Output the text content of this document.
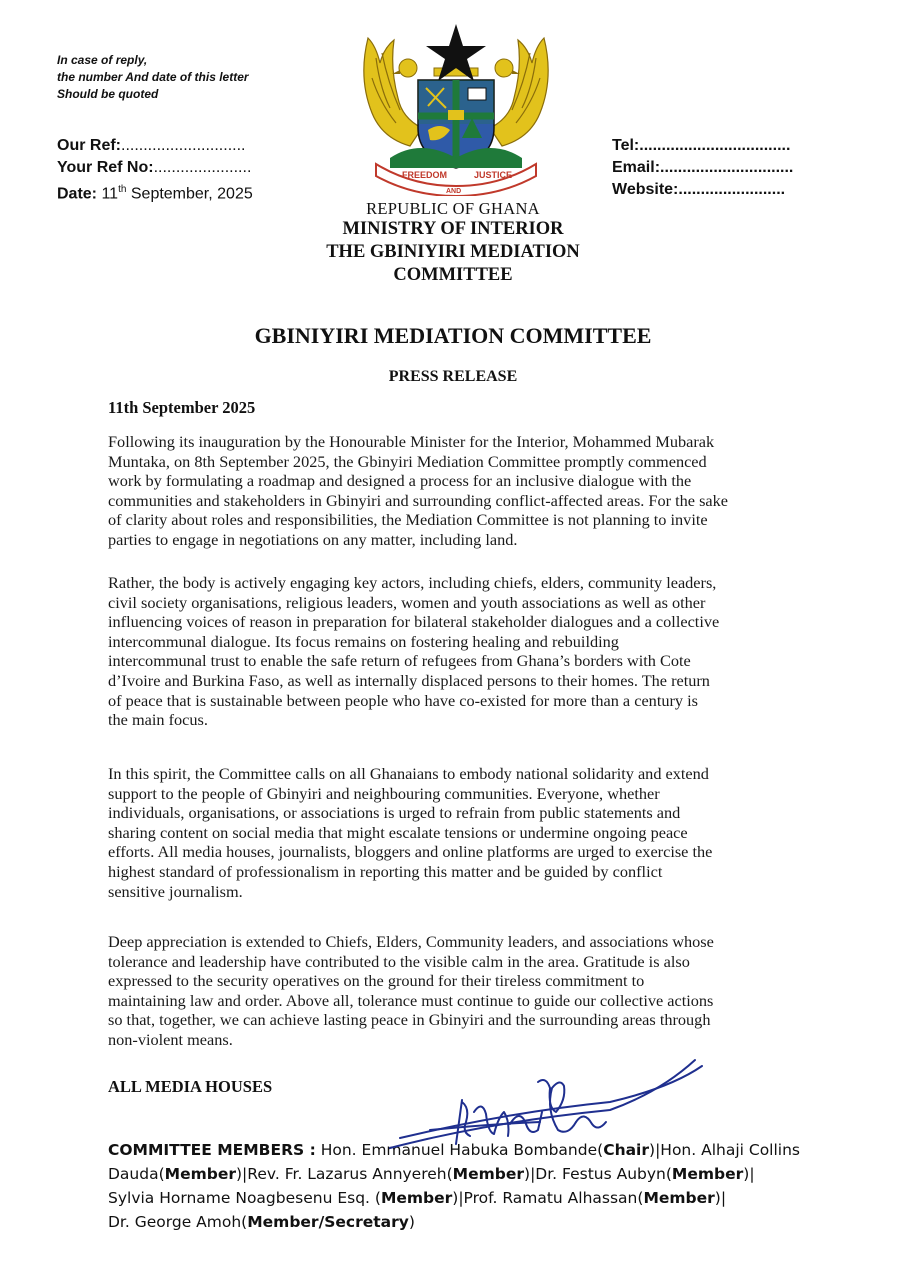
In case of reply,
the number And date of this letter
Should be quoted
Our Ref:............................
Your Ref No:......................
Date: 11th September, 2025
Tel:..................................
Email:..............................
Website:........................
FREEDOM	JUSTICE
AND
REPUBLIC OF GHANA
MINISTRY OF INTERIOR
THE GBINIYIRI MEDIATION
COMMITTEE
GBINIYIRI MEDIATION COMMITTEE
PRESS RELEASE
11th September 2025
Following its inauguration by the Honourable Minister for the Interior, Mohammed Mubarak
Muntaka, on 8th September 2025, the Gbinyiri Mediation Committee promptly commenced
work by formulating a roadmap and designed a process for an inclusive dialogue with the
communities and stakeholders in Gbinyiri and surrounding conflict-affected areas. For the sake
of clarity about roles and responsibilities, the Mediation Committee is not planning to invite
parties to engage in negotiations on any matter, including land.
Rather, the body is actively engaging key actors, including chiefs, elders, community leaders,
civil society organisations, religious leaders, women and youth associations as well as other
influencing voices of reason in preparation for bilateral stakeholder dialogues and a collective
intercommunal dialogue. Its focus remains on fostering healing and rebuilding
intercommunal trust to enable the safe return of refugees from Ghana’s borders with Cote
d’Ivoire and Burkina Faso, as well as internally displaced persons to their homes. The return
of peace that is sustainable between people who have co-existed for more than a century is
the main focus.
In this spirit, the Committee calls on all Ghanaians to embody national solidarity and extend
support to the people of Gbinyiri and neighbouring communities. Everyone, whether
individuals, organisations, or associations is urged to refrain from public statements and
sharing content on social media that might escalate tensions or undermine ongoing peace
efforts. All media houses, journalists, bloggers and online platforms are urged to exercise the
highest standard of professionalism in reporting this matter and be guided by conflict
sensitive journalism.
Deep appreciation is extended to Chiefs, Elders, Community leaders, and associations whose
tolerance and leadership have contributed to the visible calm in the area. Gratitude is also
expressed to the security operatives on the ground for their tireless commitment to
maintaining law and order. Above all, tolerance must continue to guide our collective actions
so that, together, we can achieve lasting peace in Gbinyiri and the surrounding areas through
non-violent means.
ALL MEDIA HOUSES
COMMITTEE MEMBERS : Hon. Emmanuel Habuka Bombande(Chair)|Hon. Alhaji Collins
Dauda(Member)|Rev. Fr. Lazarus Annyereh(Member)|Dr. Festus Aubyn(Member)|
Sylvia Horname Noagbesenu Esq. (Member)|Prof. Ramatu Alhassan(Member)|
Dr. George Amoh(Member/Secretary)
